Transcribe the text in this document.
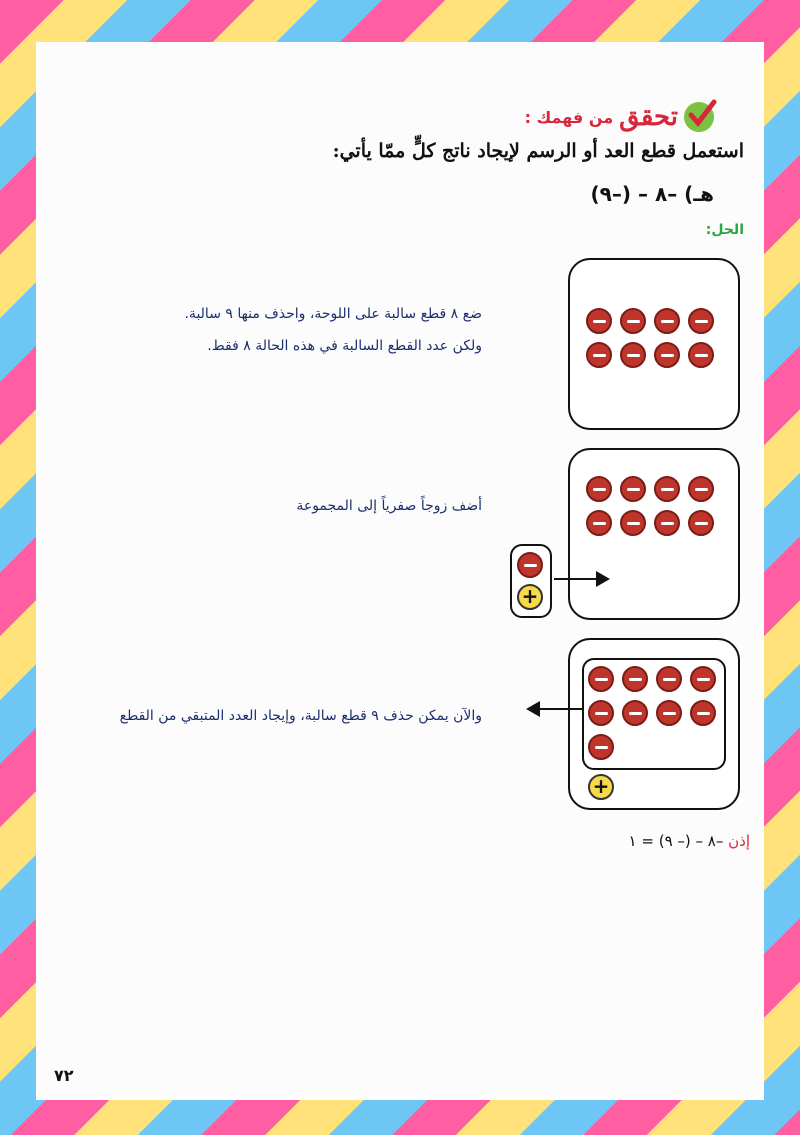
تحقق
من فهمك :
استعمل قطع العد أو الرسم لإيجاد ناتج كلٍّ ممّا يأتي:
هـ) –٨ – (–٩)
الحل:
ضع ٨ قطع سالبة على اللوحة، واحذف منها ٩ سالبة.
ولكن عدد القطع السالبة في هذه الحالة ٨ فقط.
أضف زوجاً صفرياً إلى المجموعة
+
والآن يمكن حذف ٩ قطع سالبة، وإيجاد العدد المتبقي من القطع
+
إذن –٨ – (– ٩) = ١
٧٢
